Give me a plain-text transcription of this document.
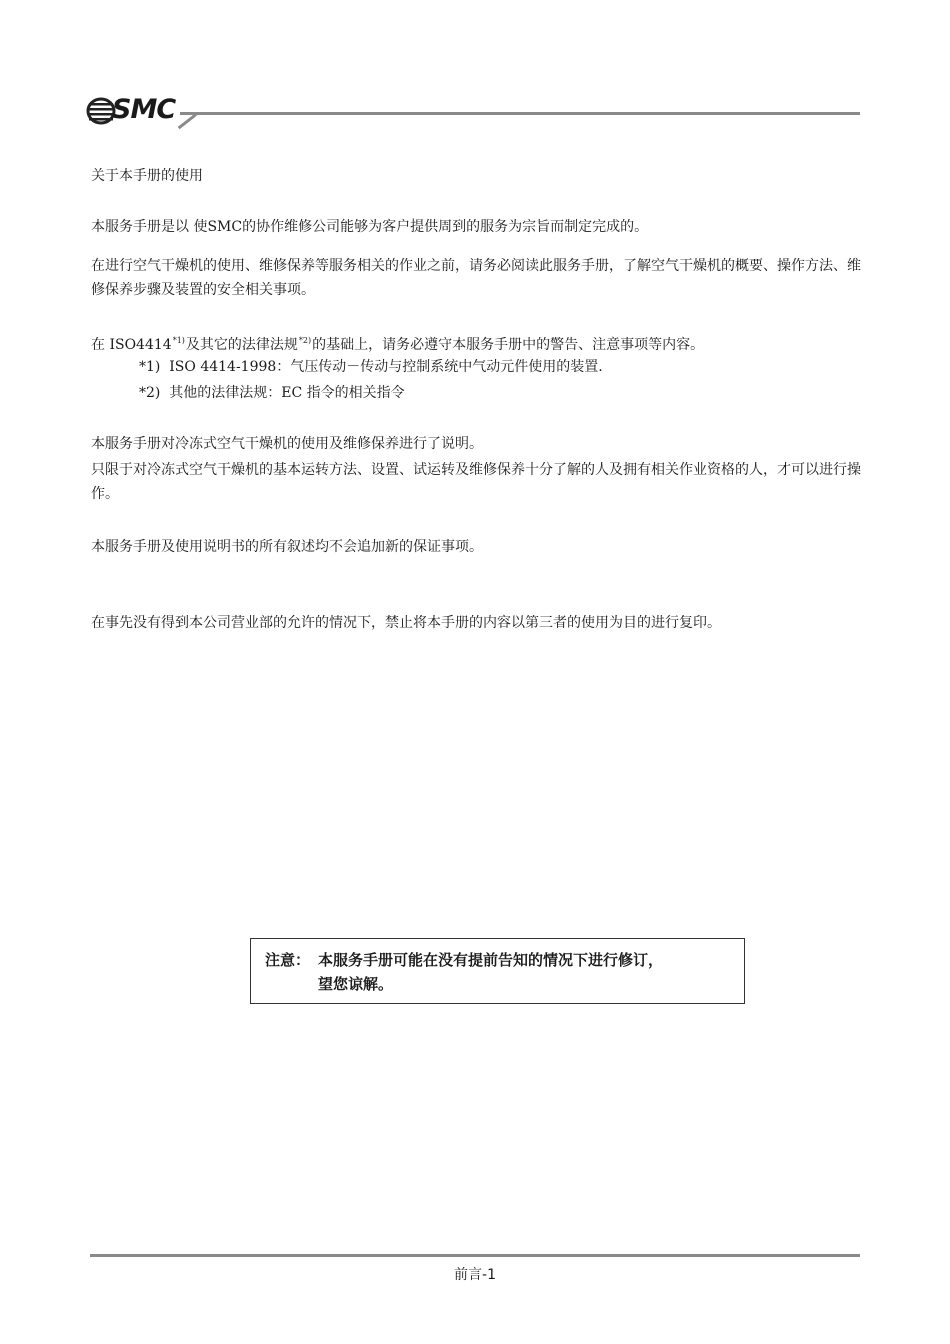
SMC
关于本手册的使用
本服务手册是以 使SMC的协作维修公司能够为客户提供周到的服务为宗旨而制定完成的。
在进行空气干燥机的使用、维修保养等服务相关的作业之前，请务必阅读此服务手册，了解空气干燥机的概要、操作方法、维修保养步骤及装置的安全相关事项。
在 ISO4414$^{*1)}$及其它的法律法规$^{*2)}$的基础上，请务必遵守本服务手册中的警告、注意事项等内容。
*1)  ISO 4414-1998：气压传动－传动与控制系统中气动元件使用的装置.
*2)  其他的法律法规：EC 指令的相关指令
本服务手册对冷冻式空气干燥机的使用及维修保养进行了说明。
只限于对冷冻式空气干燥机的基本运转方法、设置、试运转及维修保养十分了解的人及拥有相关作业资格的人，才可以进行操作。
本服务手册及使用说明书的所有叙述均不会追加新的保证事项。
在事先没有得到本公司营业部的允许的情况下，禁止将本手册的内容以第三者的使用为目的进行复印。
注意： 本服务手册可能在没有提前告知的情况下进行修订，
望您谅解。
前言-1
